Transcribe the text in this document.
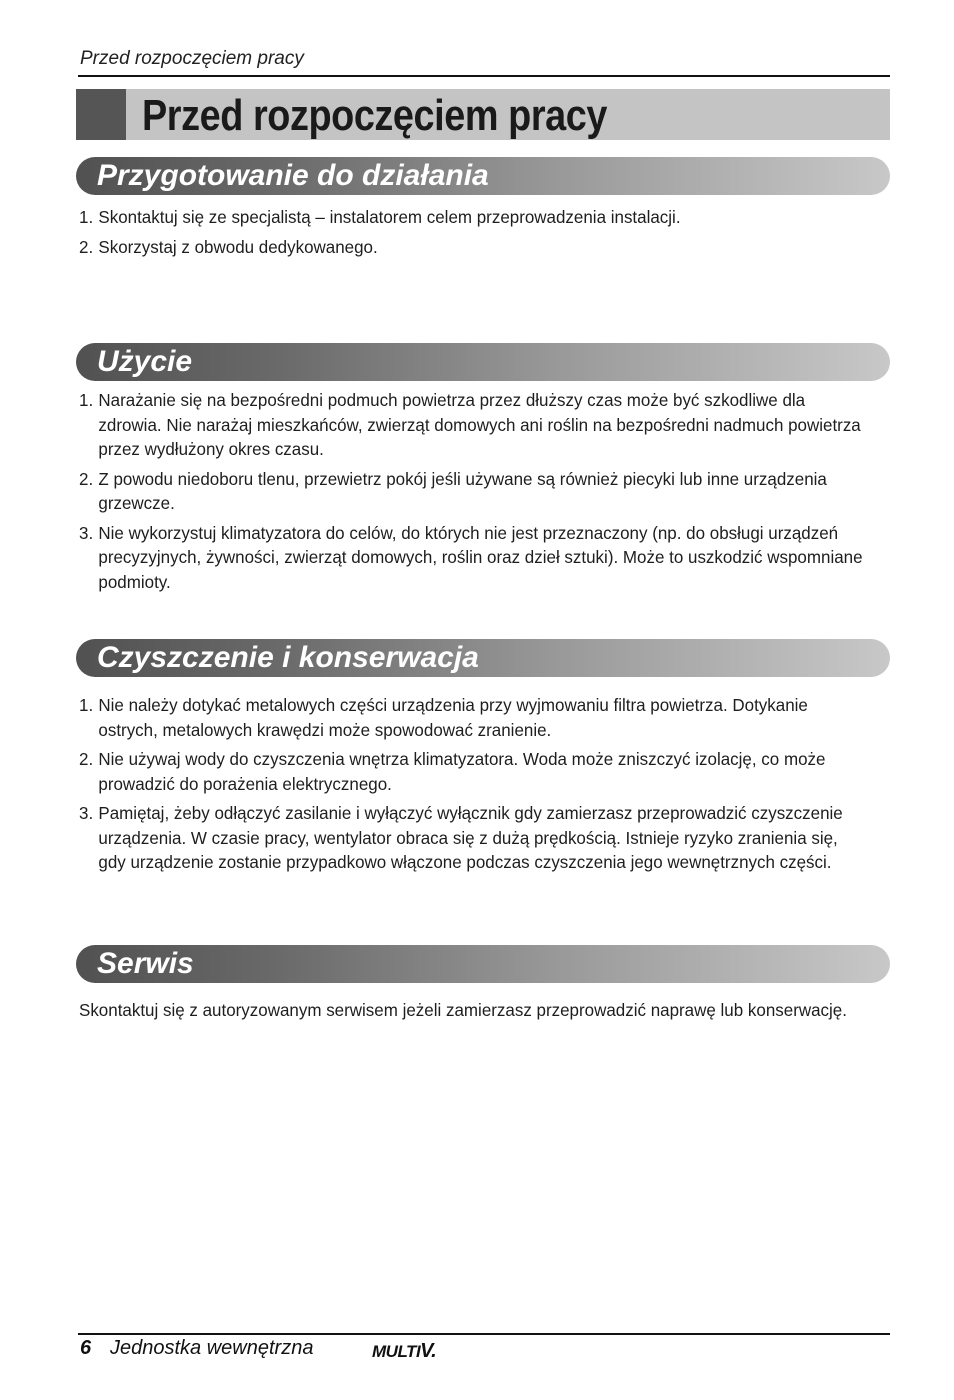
Przed rozpoczęciem pracy
Przed rozpoczęciem pracy
Przygotowanie do działania
1. Skontaktuj się ze specjalistą – instalatorem celem przeprowadzenia instalacji.
2. Skorzystaj z obwodu dedykowanego.
Użycie
1. Narażanie się na bezpośredni podmuch powietrza przez dłuższy czas może być szkodliwe dla zdrowia. Nie narażaj mieszkańców, zwierząt domowych ani roślin na bezpośredni nadmuch powietrza przez wydłużony okres czasu.
2. Z powodu niedoboru tlenu, przewietrz pokój jeśli używane są również piecyki lub inne urządzenia grzewcze.
3. Nie wykorzystuj klimatyzatora do celów, do których nie jest przeznaczony (np. do obsługi urządzeń precyzyjnych, żywności, zwierząt domowych, roślin oraz dzieł sztuki). Może to uszkodzić wspomniane podmioty.
Czyszczenie i konserwacja
1. Nie należy dotykać metalowych części urządzenia przy wyjmowaniu filtra powietrza. Dotykanie ostrych, metalowych krawędzi może spowodować zranienie.
2. Nie używaj wody do czyszczenia wnętrza klimatyzatora. Woda może zniszczyć izolację, co może prowadzić do porażenia elektrycznego.
3. Pamiętaj, żeby odłączyć zasilanie i wyłączyć wyłącznik gdy zamierzasz przeprowadzić czyszczenie urządzenia. W czasie pracy, wentylator obraca się z dużą prędkością. Istnieje ryzyko zranienia się, gdy urządzenie zostanie przypadkowo włączone podczas czyszczenia jego wewnętrznych części.
Serwis

Skontaktuj się z autoryzowanym serwisem jeżeli zamierzasz przeprowadzić naprawę lub konserwację.

6 Jednostka wewnętrzna	MULTIV.
